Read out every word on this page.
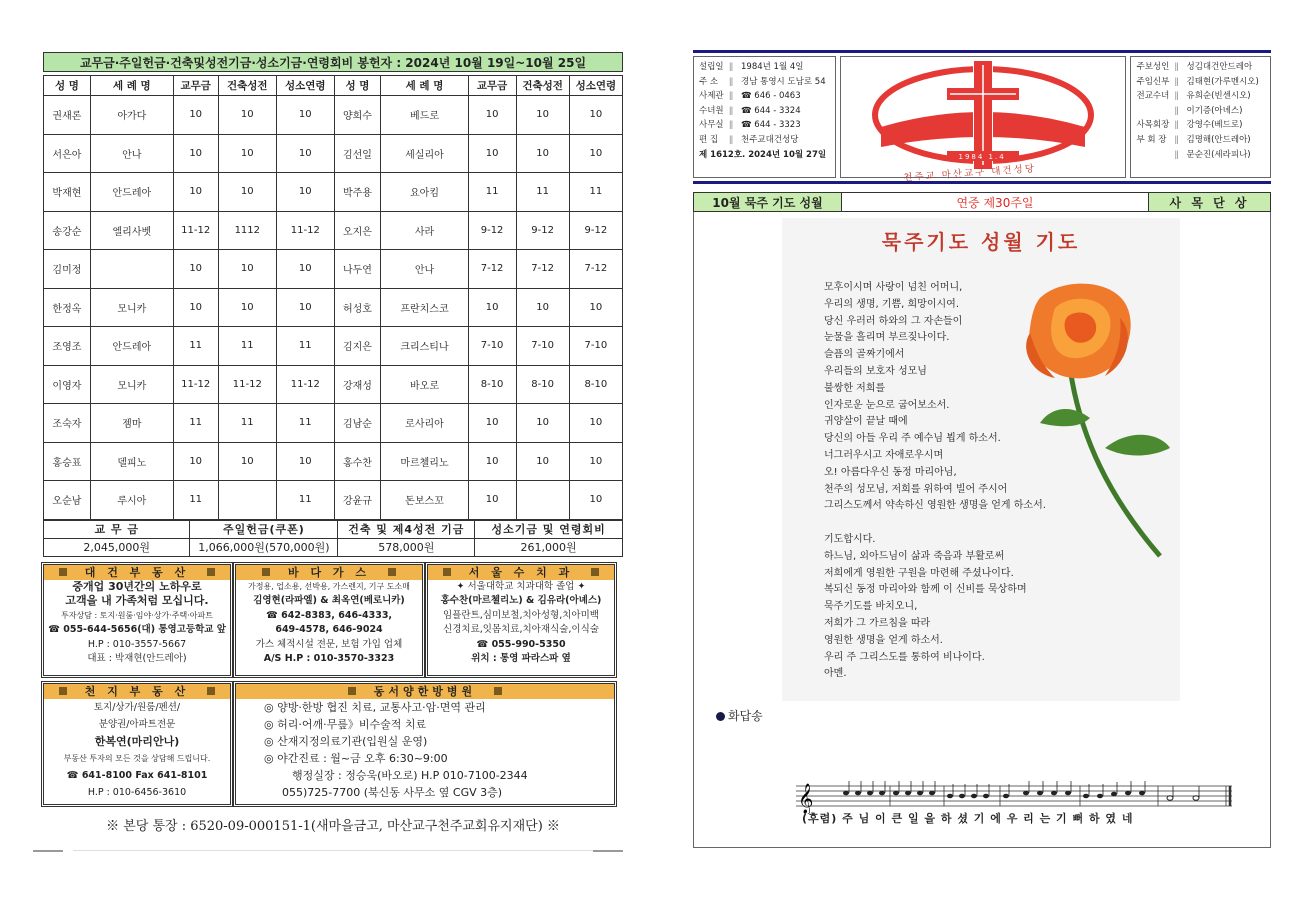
교무금·주일헌금·건축및성전기금·성소기금·연령회비 봉헌자 : 2024년 10월 19일~10월 25일
성 명	세 례 명	교무금	건축성전	성소연령	성 명	세 례 명	교무금	건축성전	성소연령
권새론	아가다	10	10	10	양희수	베드로	10	10	10
서은아	안나	10	10	10	김선일	세실리아	10	10	10
박재현	안드레아	10	10	10	박주용	요아킴	11	11	11
송강순	엘리사벳	11-12	1112	11-12	오지은	사라	9-12	9-12	9-12
김미정		10	10	10	나두연	안나	7-12	7-12	7-12
한정옥	모니카	10	10	10	허성호	프란치스코	10	10	10
조영조	안드레아	11	11	11	김지은	크리스티나	7-10	7-10	7-10
이영자	모니카	11-12	11-12	11-12	강재성	바오로	8-10	8-10	8-10
조숙자	젬마	11	11	11	김남순	로사리아	10	10	10
홍승표	델피노	10	10	10	홍수찬	마르첼리노	10	10	10
오순남	루시아	11		11	강윤규	돈보스꼬	10		10
교 무 금	주일헌금(쿠폰)	건축 및 제4성전 기금	성소기금 및 연령회비
2,045,000원	1,066,000원(570,000원)	578,000원	261,000원
대 건 부 동 산
중개업 30년간의 노하우로
고객을 내 가족처럼 모십니다.
투자상담 : 토지·원룸·임야·상가·주택·아파트
☎ 055-644-5656(대) 통영고등학교 앞
H.P : 010-3557-5667
대표 : 박재현(안드레아)
바 다 가 스
가정용, 업소용, 선박용, 가스렌지, 기구 도소매
김영현(라파엘) & 최옥연(베로니카)
☎ 642-8383, 646-4333,
649-4578, 646-9024
가스 체적시설 전문, 보험 가입 업체
A/S H.P : 010-3570-3323
서 울 수 치 과
✦ 서울대학교 치과대학 졸업 ✦
홍수찬(마르첼리노) & 김유라(아녜스)
임플란트,심미보철,치아성형,치아미백
신경치료,잇몸치료,치아재식술,이식술
☎ 055-990-5350
위치 : 통영 파라스파 옆
천 지 부 동 산
토지/상가/원룸/펜션/
분양권/아파트전문
한복연(마리안나)
부동산 투자의 모든 것을 상담해 드립니다.
☎ 641-8100 Fax 641-8101
H.P : 010-6456-3610
동서양한방병원
◎ 양방·한방 협진 치료, 교통사고·암·면역 관리
◎ 허리·어깨·무릎》비수술적 치료
◎ 산재지정의료기관(입원실 운영)
◎ 야간진료 : 월~금 오후 6:30~9:00
행정실장 : 정승욱(바오로) H.P 010-7100-2344
055)725-7700 (북신동 사무소 옆 CGV 3층)
※ 본당 통장 : 6520-09-000151-1(새마을금고, 마산교구천주교회유지재단) ※
설립일 ǁ 1984년 1월 4일
주 소	ǁ 경남 통영시 도남로 54
사제관 ǁ ☎ 646 - 0463
수녀원 ǁ ☎ 644 - 3324
사무실 ǁ ☎ 644 - 3323
편 집	ǁ 천주교대건성당
제 1612호. 2024년 10월 27일	1984 1.4
천주교 마산교구 대건성당
주보성인 ǁ 성김대건안드레아
주임신부 ǁ 김태현(가루멘시오)
전교수녀 ǁ 유희순(빈센시오)
ǁ 이기증(아녜스)
사목회장 ǁ 강영수(베드로)
부 회 장 ǁ 김명해(안드레아)
ǁ 문순진(세라피나)
10월 묵주 기도 성월	연중 제30주일	사 목 단 상
묵주기도 성월 기도
모후이시며 사랑이 넘친 어머니,
우리의 생명, 기쁨, 희망이시여.
당신 우러러 하와의 그 자손들이
눈물을 흘리며 부르짖나이다.
슬픔의 골짜기에서
우리들의 보호자 성모님
불쌍한 저희를
인자로운 눈으로 굽어보소서.
귀양살이 끝날 때에
당신의 아들 우리 주 예수님 뵙게 하소서.
너그러우시고 자애로우시며
오! 아름다우신 동정 마리아님,
천주의 성모님, 저희를 위하여 빌어 주시어
그리스도께서 약속하신 영원한 생명을 얻게 하소서.
기도합시다.
하느님, 외아드님이 삶과 죽음과 부활로써
저희에게 영원한 구원을 마련해 주셨나이다.
복되신 동정 마리아와 함께 이 신비를 묵상하며
묵주기도를 바치오니,
저희가 그 가르침을 따라
영원한 생명을 얻게 하소서.
우리 주 그리스도를 통하여 비나이다.
아멘.
화답송
𝄞
(후렴) 주 님 이 큰 일 을 하 셨 기 에 우 리 는 기 뻐 하 였 네
